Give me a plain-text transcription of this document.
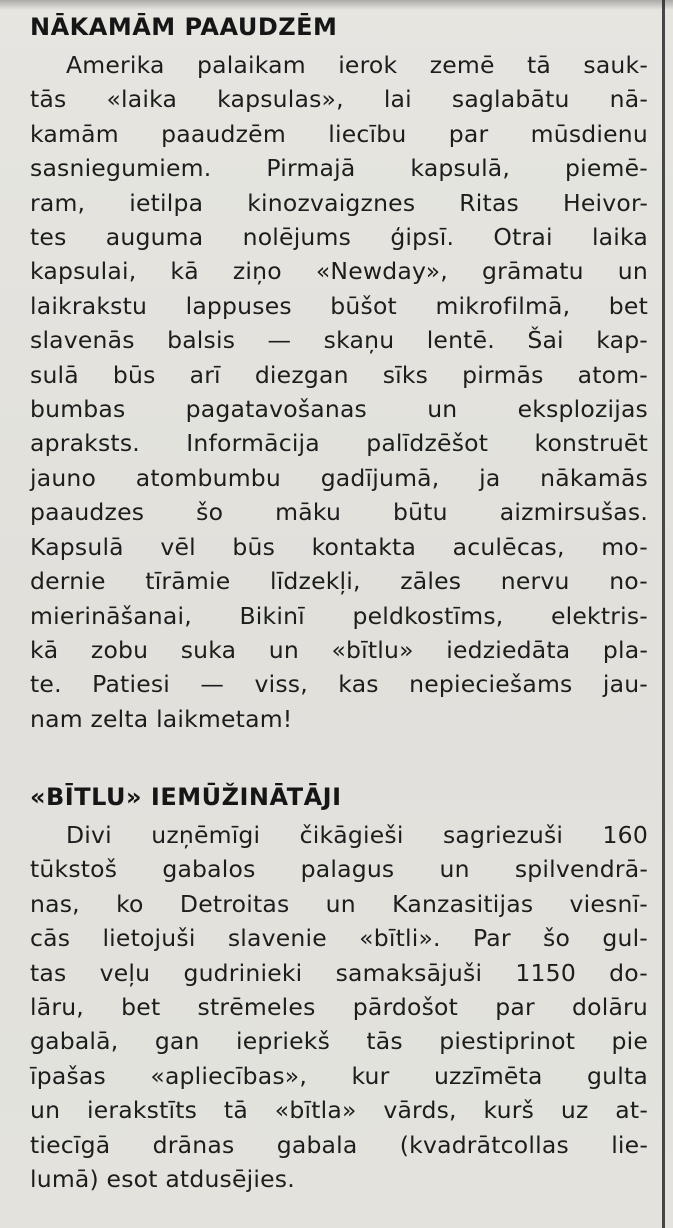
NĀKAMĀM PAAUDZĒM
Amerika palaikam ierok zemē tā sauk-
tās «laika kapsulas», lai saglabātu nā-
kamām paaudzēm liecību par mūsdienu
sasniegumiem. Pirmajā kapsulā, piemē-
ram, ietilpa kinozvaigznes Ritas Heivor-
tes auguma nolējums ģipsī. Otrai laika
kapsulai, kā ziņo «Newday», grāmatu un
laikrakstu lappuses būšot mikrofilmā, bet
slavenās balsis — skaņu lentē. Šai kap-
sulā būs arī diezgan sīks pirmās atom-
bumbas pagatavošanas un eksplozijas
apraksts. Informācija palīdzēšot konstruēt
jauno atombumbu gadījumā, ja nākamās
paaudzes šo māku būtu aizmirsušas.
Kapsulā vēl būs kontakta aculēcas, mo-
dernie tīrāmie līdzekļi, zāles nervu no-
mierināšanai, Bikinī peldkostīms, elektris-
kā zobu suka un «bītlu» iedziedāta pla-
te. Patiesi — viss, kas nepieciešams jau-
nam zelta laikmetam!
«BĪTLU» IEMŪŽINĀTĀJI
Divi uzņēmīgi čikāgieši sagriezuši 160
tūkstoš gabalos palagus un spilvendrā-
nas, ko Detroitas un Kanzasitijas viesnī-
cās lietojuši slavenie «bītli». Par šo gul-
tas veļu gudrinieki samaksājuši 1150 do-
lāru, bet strēmeles pārdošot par dolāru
gabalā, gan iepriekš tās piestiprinot pie
īpašas «apliecības», kur uzzīmēta gulta
un ierakstīts tā «bītla» vārds, kurš uz at-
tiecīgā drānas gabala (kvadrātcollas lie-
lumā) esot atdusējies.
